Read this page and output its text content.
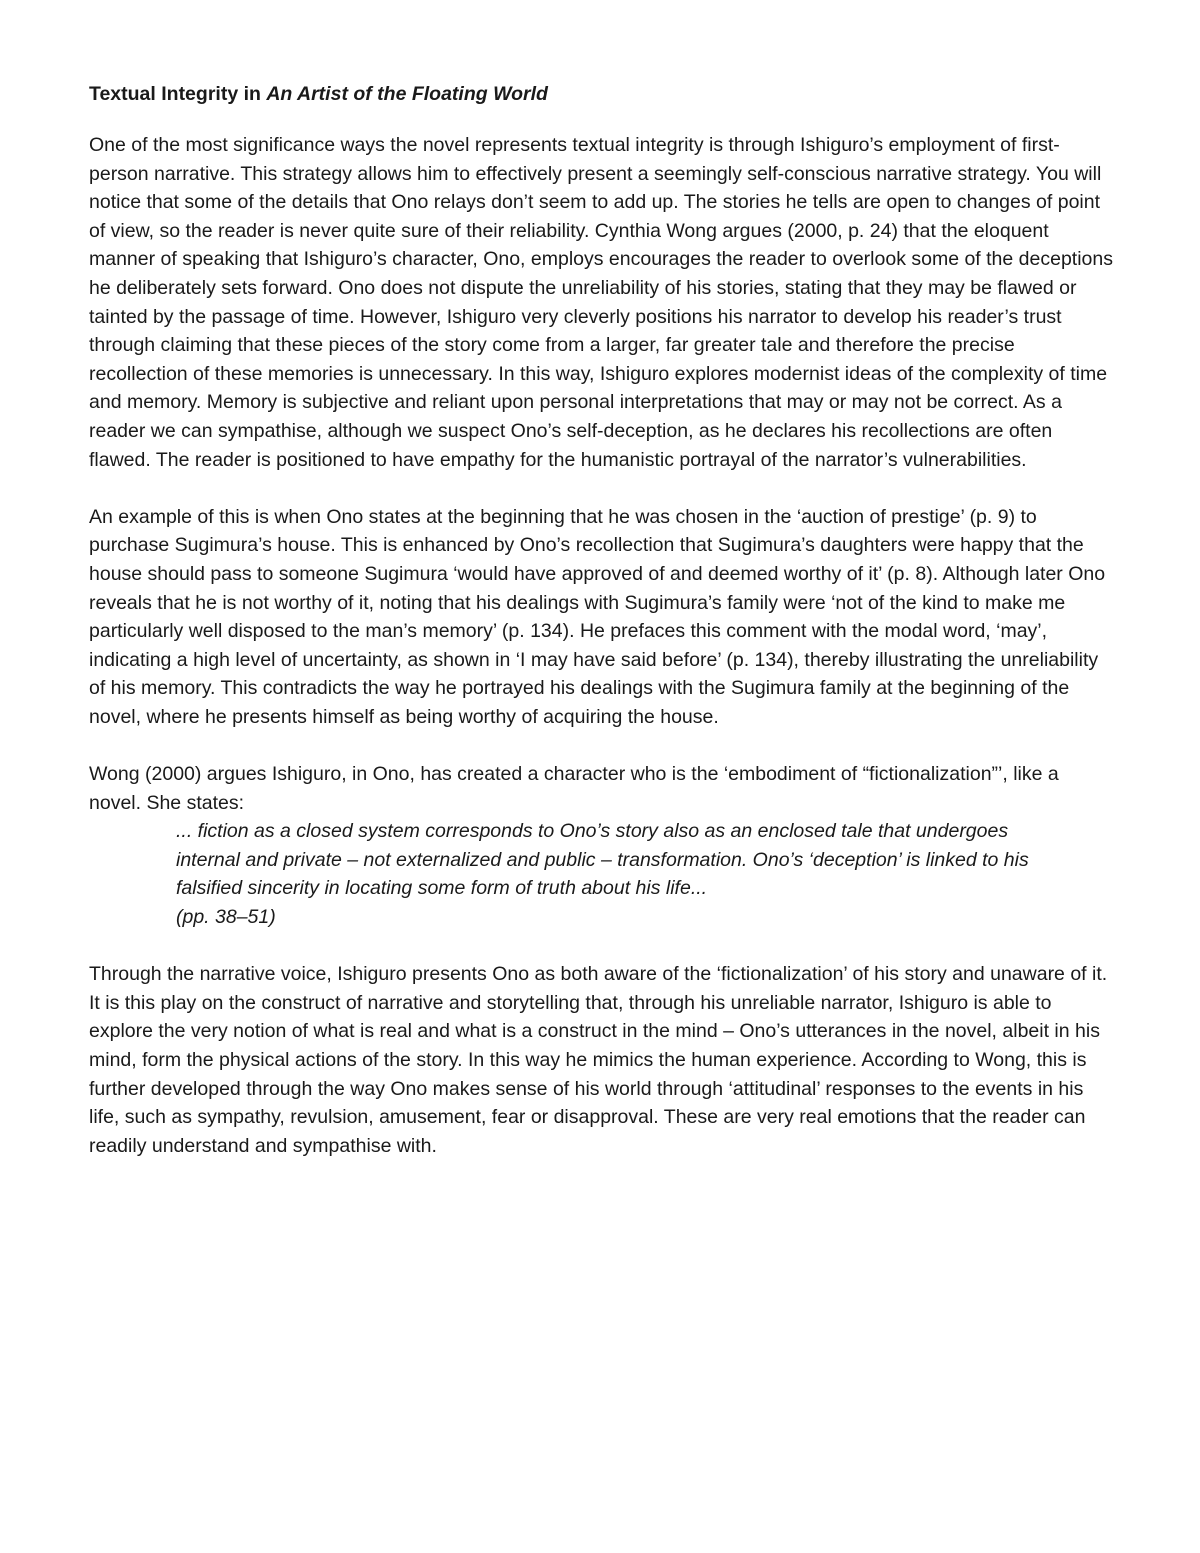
Textual Integrity in An Artist of the Floating World

One of the most significance ways the novel represents textual integrity is through Ishiguro’s employment of first-person narrative. This strategy allows him to effectively present a seemingly self-conscious narrative strategy. You will notice that some of the details that Ono relays don’t seem to add up. The stories he tells are open to changes of point of view, so the reader is never quite sure of their reliability. Cynthia Wong argues (2000, p. 24) that the eloquent manner of speaking that Ishiguro’s character, Ono, employs encourages the reader to overlook some of the deceptions he deliberately sets forward. Ono does not dispute the unreliability of his stories, stating that they may be flawed or tainted by the passage of time. However, Ishiguro very cleverly positions his narrator to develop his reader’s trust through claiming that these pieces of the story come from a larger, far greater tale and therefore the precise recollection of these memories is unnecessary. In this way, Ishiguro explores modernist ideas of the complexity of time and memory. Memory is subjective and reliant upon personal interpretations that may or may not be correct. As a reader we can sympathise, although we suspect Ono’s self-deception, as he declares his recollections are often flawed. The reader is positioned to have empathy for the humanistic portrayal of the narrator’s vulnerabilities.

An example of this is when Ono states at the beginning that he was chosen in the ‘auction of prestige’ (p. 9) to purchase Sugimura’s house. This is enhanced by Ono’s recollection that Sugimura’s daughters were happy that the house should pass to someone Sugimura ‘would have approved of and deemed worthy of it’ (p. 8). Although later Ono reveals that he is not worthy of it, noting that his dealings with Sugimura’s family were ‘not of the kind to make me particularly well disposed to the man’s memory’ (p. 134). He prefaces this comment with the modal word, ‘may’, indicating a high level of uncertainty, as shown in ‘I may have said before’ (p. 134), thereby illustrating the unreliability of his memory. This contradicts the way he portrayed his dealings with the Sugimura family at the beginning of the novel, where he presents himself as being worthy of acquiring the house.

Wong (2000) argues Ishiguro, in Ono, has created a character who is the ‘embodiment of “fictionalization”’, like a novel. She states:

... fiction as a closed system corresponds to Ono’s story also as an enclosed tale that undergoes internal and private – not externalized and public – transformation. Ono’s ‘deception’ is linked to his falsified sincerity in locating some form of truth about his life...
(pp. 38–51)

Through the narrative voice, Ishiguro presents Ono as both aware of the ‘fictionalization’ of his story and unaware of it. It is this play on the construct of narrative and storytelling that, through his unreliable narrator, Ishiguro is able to explore the very notion of what is real and what is a construct in the mind – Ono’s utterances in the novel, albeit in his mind, form the physical actions of the story. In this way he mimics the human experience. According to Wong, this is further developed through the way Ono makes sense of his world through ‘attitudinal’ responses to the events in his life, such as sympathy, revulsion, amusement, fear or disapproval. These are very real emotions that the reader can readily understand and sympathise with.
